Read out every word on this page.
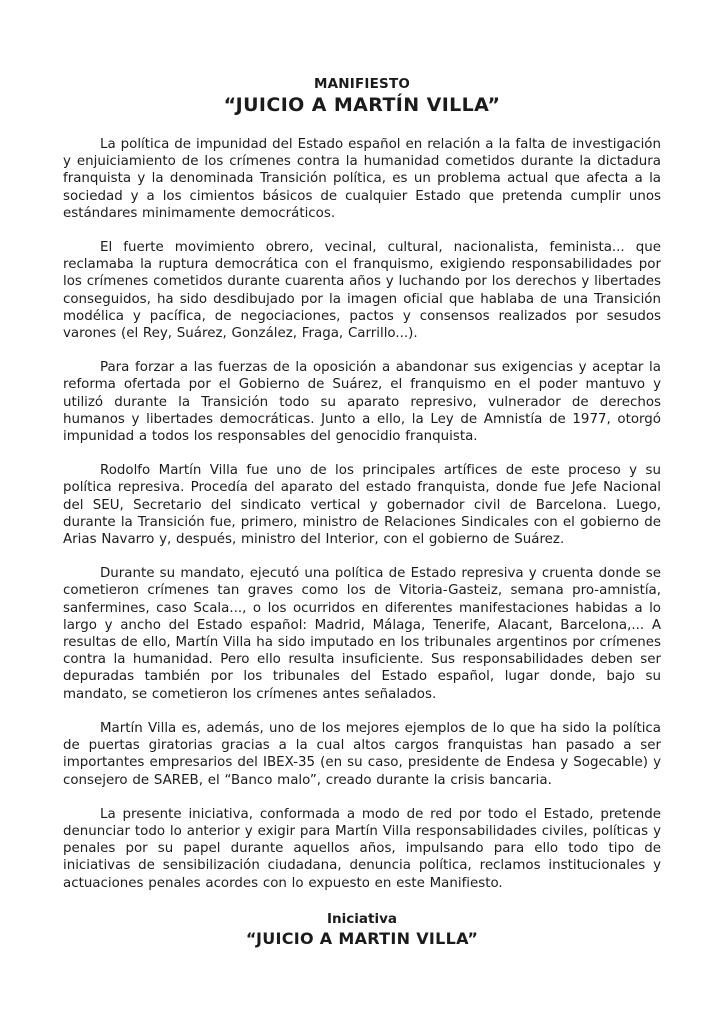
MANIFIESTO
“JUICIO A MARTÍN VILLA”

La política de impunidad del Estado español en relación a la falta de investigación y enjuiciamiento de los crímenes contra la humanidad cometidos durante la dictadura franquista y la denominada Transición política, es un problema actual que afecta a la sociedad y a los cimientos básicos de cualquier Estado que pretenda cumplir unos estándares minimamente democráticos.

El fuerte movimiento obrero, vecinal, cultural, nacionalista, feminista... que reclamaba la ruptura democrática con el franquismo, exigiendo responsabilidades por los crímenes cometidos durante cuarenta años y luchando por los derechos y libertades conseguidos, ha sido desdibujado por la imagen oficial que hablaba de una Transición modélica y pacífica, de negociaciones, pactos y consensos realizados por sesudos varones (el Rey, Suárez, González, Fraga, Carrillo...).

Para forzar a las fuerzas de la oposición a abandonar sus exigencias y aceptar la reforma ofertada por el Gobierno de Suárez, el franquismo en el poder mantuvo y utilizó durante la Transición todo su aparato represivo, vulnerador de derechos humanos y libertades democráticas. Junto a ello, la Ley de Amnistía de 1977, otorgó impunidad a todos los responsables del genocidio franquista.

Rodolfo Martín Villa fue uno de los principales artífices de este proceso y su política represiva. Procedía del aparato del estado franquista, donde fue Jefe Nacional del SEU, Secretario del sindicato vertical y gobernador civil de Barcelona. Luego, durante la Transición fue, primero, ministro de Relaciones Sindicales con el gobierno de Arias Navarro y, después, ministro del Interior, con el gobierno de Suárez.

Durante su mandato, ejecutó una política de Estado represiva y cruenta donde se cometieron crímenes tan graves como los de Vitoria-Gasteiz, semana pro-amnistía, sanfermines, caso Scala..., o los ocurridos en diferentes manifestaciones habidas a lo largo y ancho del Estado español: Madrid, Málaga, Tenerife, Alacant, Barcelona,... A resultas de ello, Martín Villa ha sido imputado en los tribunales argentinos por crímenes contra la humanidad. Pero ello resulta insuficiente. Sus responsabilidades deben ser depuradas también por los tribunales del Estado español, lugar donde, bajo su mandato, se cometieron los crímenes antes señalados.

Martín Villa es, además, uno de los mejores ejemplos de lo que ha sido la política de puertas giratorias gracias a la cual altos cargos franquistas han pasado a ser importantes empresarios del IBEX-35 (en su caso, presidente de Endesa y Sogecable) y consejero de SAREB, el “Banco malo”, creado durante la crisis bancaria.

La presente iniciativa, conformada a modo de red por todo el Estado, pretende denunciar todo lo anterior y exigir para Martín Villa responsabilidades civiles, políticas y penales por su papel durante aquellos años, impulsando para ello todo tipo de iniciativas de sensibilización ciudadana, denuncia política, reclamos institucionales y actuaciones penales acordes con lo expuesto en este Manifiesto.

Iniciativa
“JUICIO A MARTIN VILLA”
